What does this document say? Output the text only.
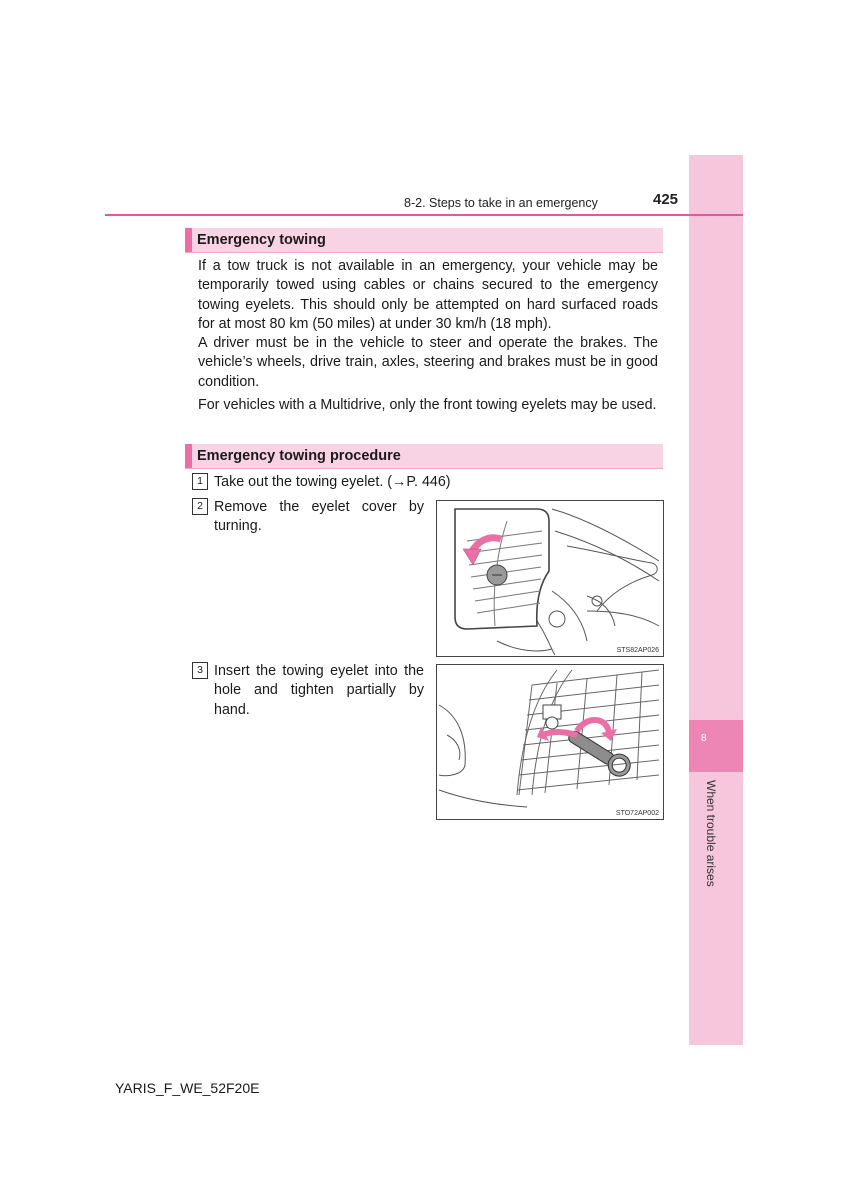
8
When trouble arises
8-2. Steps to take in an emergency	425
Emergency towing

If a tow truck is not available in an emergency, your vehicle may be temporarily towed using cables or chains secured to the emergency towing eyelets. This should only be attempted on hard surfaced roads for at most 80 km (50 miles) at under 30 km/h (18 mph).

A driver must be in the vehicle to steer and operate the brakes. The vehicle’s wheels, drive train, axles, steering and brakes must be in good condition.

For vehicles with a Multidrive, only the front towing eyelets may be used.

Emergency towing procedure
1 Take out the towing eyelet. (→P. 446)

2 Remove the eyelet cover by turning.

3 Insert the towing eyelet into the hole and tighten partially by hand.

STS82AP026
STO72AP002
YARIS_F_WE_52F20E
